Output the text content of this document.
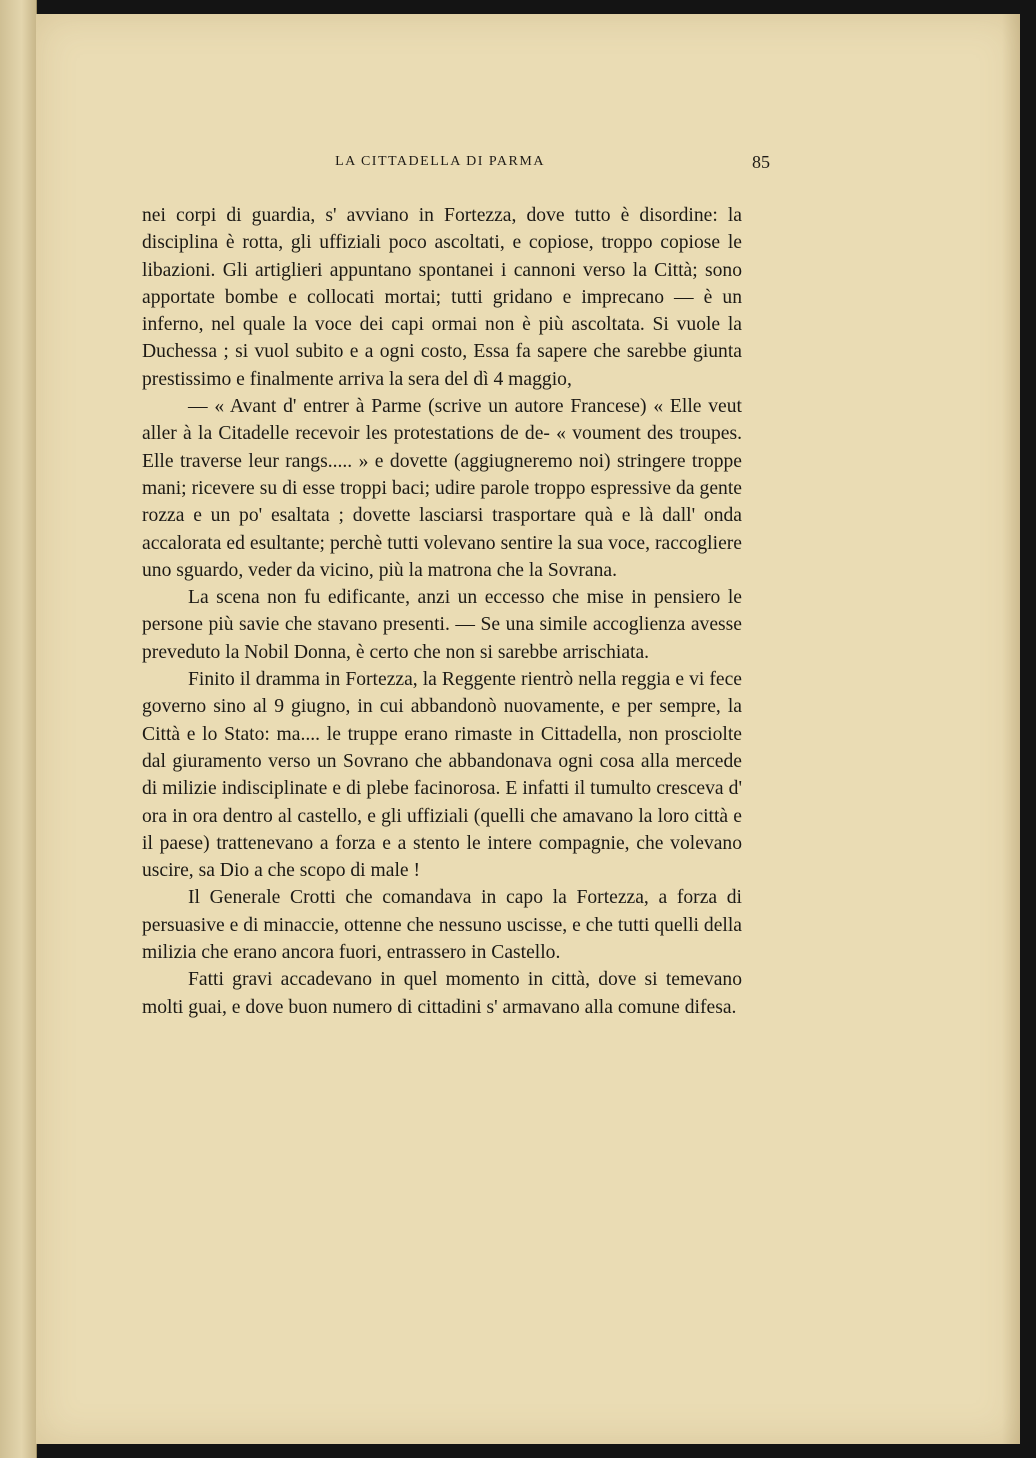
LA CITTADELLA DI PARMA	85

nei corpi di guardia, s' avviano in Fortezza, dove tutto è disordine: la disciplina è rotta, gli uffiziali poco ascoltati, e copiose, troppo copiose le libazioni. Gli artiglieri appuntano spontanei i cannoni verso la Città; sono apportate bombe e collocati mortai; tutti gridano e imprecano — è un inferno, nel quale la voce dei capi ormai non è più ascoltata. Si vuole la Duchessa ; si vuol subito e a ogni costo, Essa fa sapere che sarebbe giunta prestissimo e finalmente arriva la sera del dì 4 maggio,

— « Avant d' entrer à Parme (scrive un autore Francese) « Elle veut aller à la Citadelle recevoir les protestations de de- « voument des troupes. Elle traverse leur rangs..... » e dovette (aggiugneremo noi) stringere troppe mani; ricevere su di esse troppi baci; udire parole troppo espressive da gente rozza e un po' esaltata ; dovette lasciarsi trasportare quà e là dall' onda accalorata ed esultante; perchè tutti volevano sentire la sua voce, raccogliere uno sguardo, veder da vicino, più la matrona che la Sovrana.

La scena non fu edificante, anzi un eccesso che mise in pensiero le persone più savie che stavano presenti. — Se una simile accoglienza avesse preveduto la Nobil Donna, è certo che non si sarebbe arrischiata.

Finito il dramma in Fortezza, la Reggente rientrò nella reggia e vi fece governo sino al 9 giugno, in cui abbandonò nuovamente, e per sempre, la Città e lo Stato: ma.... le truppe erano rimaste in Cittadella, non prosciolte dal giuramento verso un Sovrano che abbandonava ogni cosa alla mercede di milizie indisciplinate e di plebe facinorosa. E infatti il tumulto cresceva d' ora in ora dentro al castello, e gli uffiziali (quelli che amavano la loro città e il paese) trattenevano a forza e a stento le intere compagnie, che volevano uscire, sa Dio a che scopo di male !

Il Generale Crotti che comandava in capo la Fortezza, a forza di persuasive e di minaccie, ottenne che nessuno uscisse, e che tutti quelli della milizia che erano ancora fuori, entrassero in Castello.

Fatti gravi accadevano in quel momento in città, dove si temevano molti guai, e dove buon numero di cittadini s' armavano alla comune difesa.
